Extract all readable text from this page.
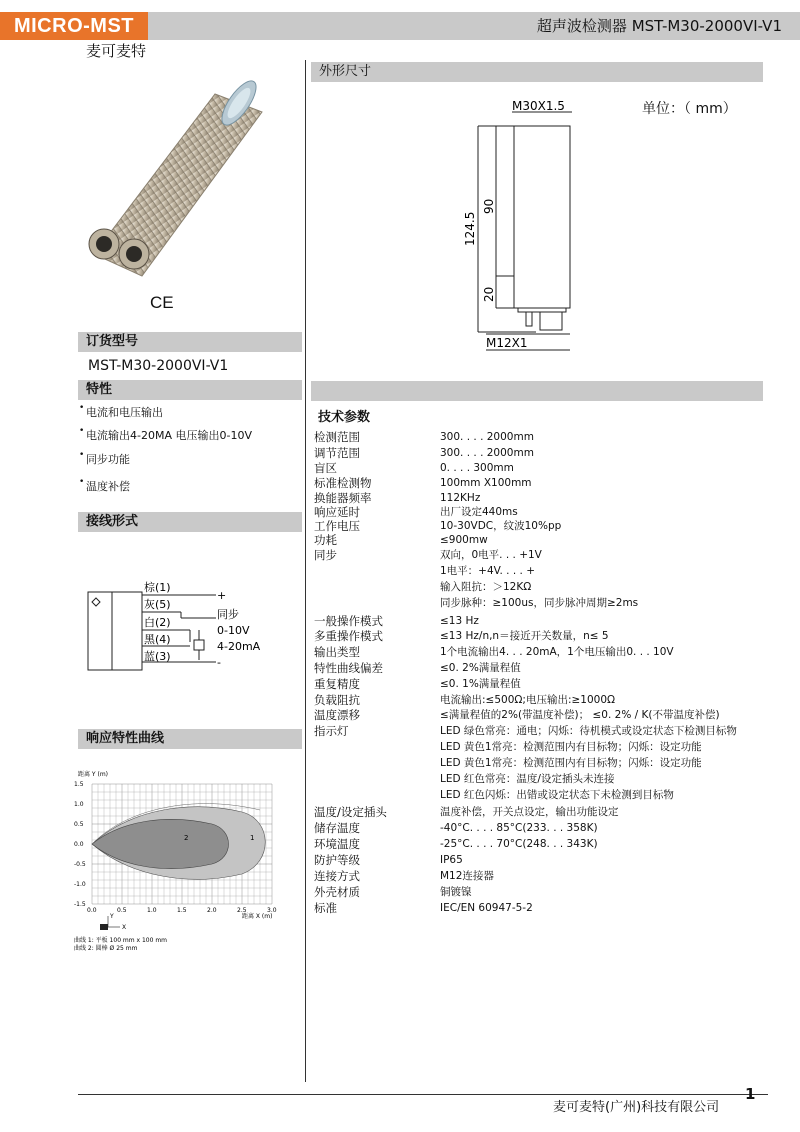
MICRO-MST	超声波检测器 MST-M30-2000VI-V1
麦可麦特
CE
订货型号
MST-M30-2000VI-V1
特性
• 电流和电压输出
• 电流输出4-20MA 电压输出0-10V
• 同步功能
• 温度补偿
接线形式
棕(1)
灰(5)
白(2)
黑(4)
蓝(3)
+
同步
0-10V
4-20mA
-
响应特性曲线
距离 Y (m)
2	1
1.5
1.0
0.5
0.0
-0.5
-1.0
-1.5
0.0	0.5	1.0	1.5	2.0	2.5	3.0
距离 X (m)
Y
X
曲线 1: 平板 100 mm x 100 mm
曲线 2: 圆棒 Ø 25 mm
外形尺寸
单位：（ mm）
M30X1.5
M12X1
124.5
90
20
技术参数
检测范围	300. . . . 2000mm
调节范围	300. . . . 2000mm
盲区	0. . . . 300mm
标准检测物	100mm X100mm
换能器频率	112KHz
响应延时	出厂设定440ms
工作电压	10-30VDC，纹波10%pp
功耗	≤900mw
同步	双向，0电平. . . +1V
1电平：+4V. . . . +
输入阻抗：＞12KΩ
同步脉种：≥100us，同步脉冲周期≥2ms
一般操作模式	≤13 Hz
多重操作模式	≤13 Hz/n,n＝接近开关数量，n≤ 5
输出类型	1个电流输出4. . . 20mA，1个电压输出0. . . 10V
特性曲线偏差	≤0. 2%满量程值
重复精度	≤0. 1%满量程值
负载阻抗	电流输出:≤500Ω;电压输出:≥1000Ω
温度漂移	≤满量程值的2%(带温度补偿)； ≤0. 2% / K(不带温度补偿)
指示灯	LED 绿色常亮：通电；闪烁：待机模式或设定状态下检测目标物
LED 黄色1常亮：检测范围内有目标物；闪烁：设定功能
LED 黄色1常亮：检测范围内有目标物；闪烁：设定功能
LED 红色常亮：温度/设定插头未连接
LED 红色闪烁：出错或设定状态下未检测到目标物
温度/设定插头	温度补偿，开关点设定，输出功能设定
储存温度	-40°C. . . . 85°C(233. . . 358K)
环境温度	-25°C. . . . 70°C(248. . . 343K)
防护等级	IP65
连接方式	M12连接器
外壳材质	铜镀镍
标准	IEC/EN 60947-5-2
麦可麦特(广州)科技有限公司
1
